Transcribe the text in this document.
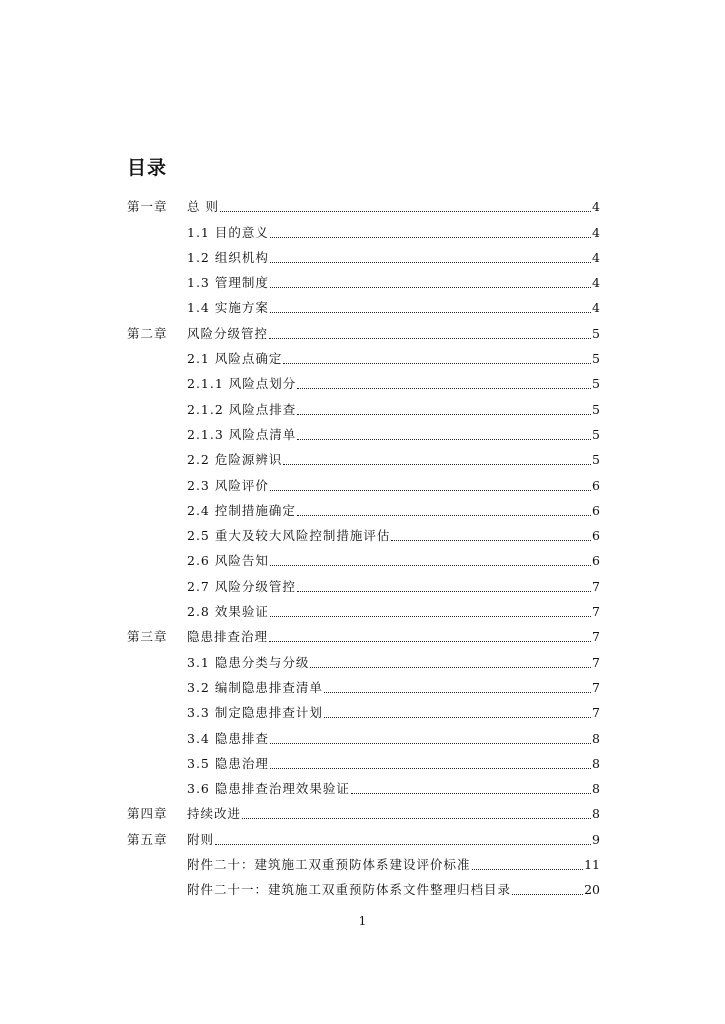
目录
第一章 总 则	4
1.1 目的意义	4
1.2 组织机构	4
1.3 管理制度	4
1.4 实施方案	4
第二章 风险分级管控	5
2.1 风险点确定	5
2.1.1 风险点划分	5
2.1.2 风险点排查	5
2.1.3 风险点清单	5
2.2 危险源辨识	5
2.3 风险评价	6
2.4 控制措施确定	6
2.5 重大及较大风险控制措施评估	6
2.6 风险告知	6
2.7 风险分级管控	7
2.8 效果验证	7
第三章 隐患排查治理	7
3.1 隐患分类与分级	7
3.2 编制隐患排查清单	7
3.3 制定隐患排查计划	7
3.4 隐患排查	8
3.5 隐患治理	8
3.6 隐患排查治理效果验证	8
第四章 持续改进	8
第五章 附则	9
附件二十：建筑施工双重预防体系建设评价标准	11
附件二十一：建筑施工双重预防体系文件整理归档目录	20
1
